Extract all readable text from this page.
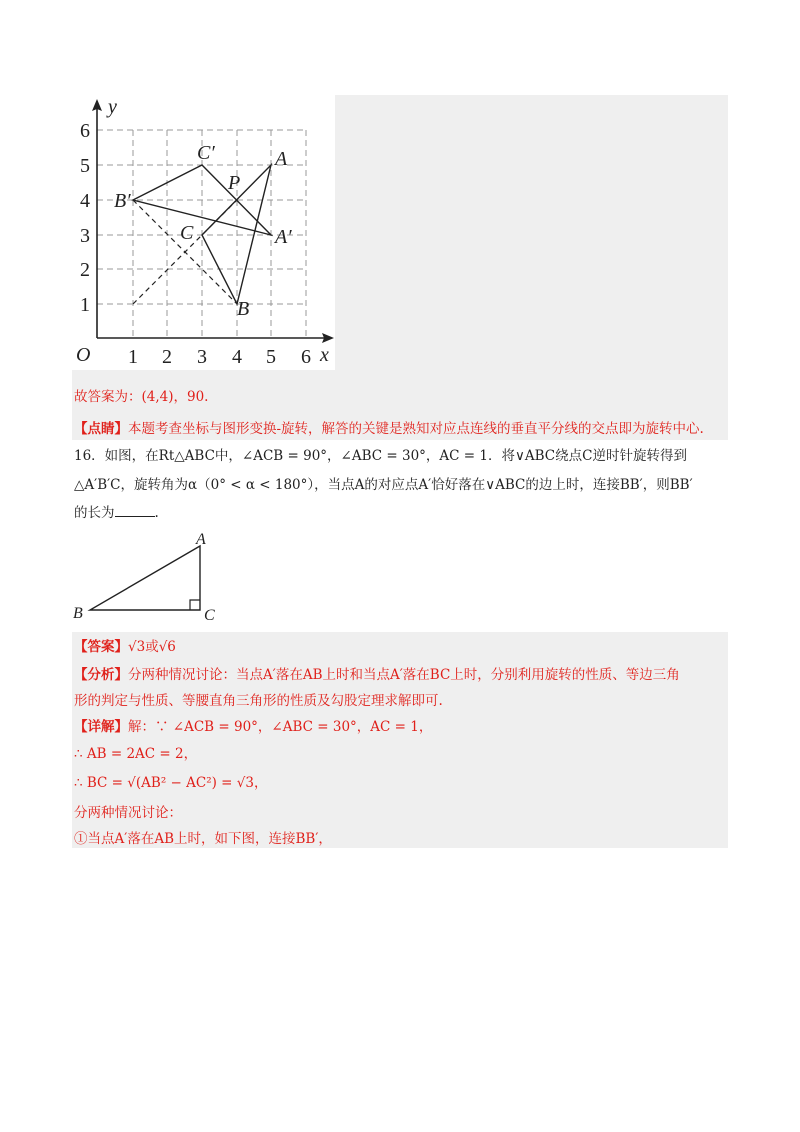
1 2 3 4 5 6
1
2
3
4
5
6
O	x
y
A
B
C
P
A′
B′
C′
故答案为：(4,4)，90.
【点睛】本题考查坐标与图形变换-旋转，解答的关键是熟知对应点连线的垂直平分线的交点即为旋转中心.
16．如图，在Rt△ABC中，∠ACB = 90°，∠ABC = 30°，AC = 1．将∨ABC绕点C逆时针旋转得到
△A′B′C，旋转角为α（0° < α < 180°），当点A的对应点A′恰好落在∨ABC的边上时，连接BB′，则BB′
的长为	.
A
B	C
【答案】√3或√6
【分析】分两种情况讨论：当点A′落在AB上时和当点A′落在BC上时，分别利用旋转的性质、等边三角
形的判定与性质、等腰直角三角形的性质及勾股定理求解即可.
【详解】解：∵ ∠ACB = 90°，∠ABC = 30°，AC = 1，
∴ AB = 2AC = 2，
∴ BC = √(AB² − AC²) = √3，
分两种情况讨论：
①当点A′落在AB上时，如下图，连接BB′，
